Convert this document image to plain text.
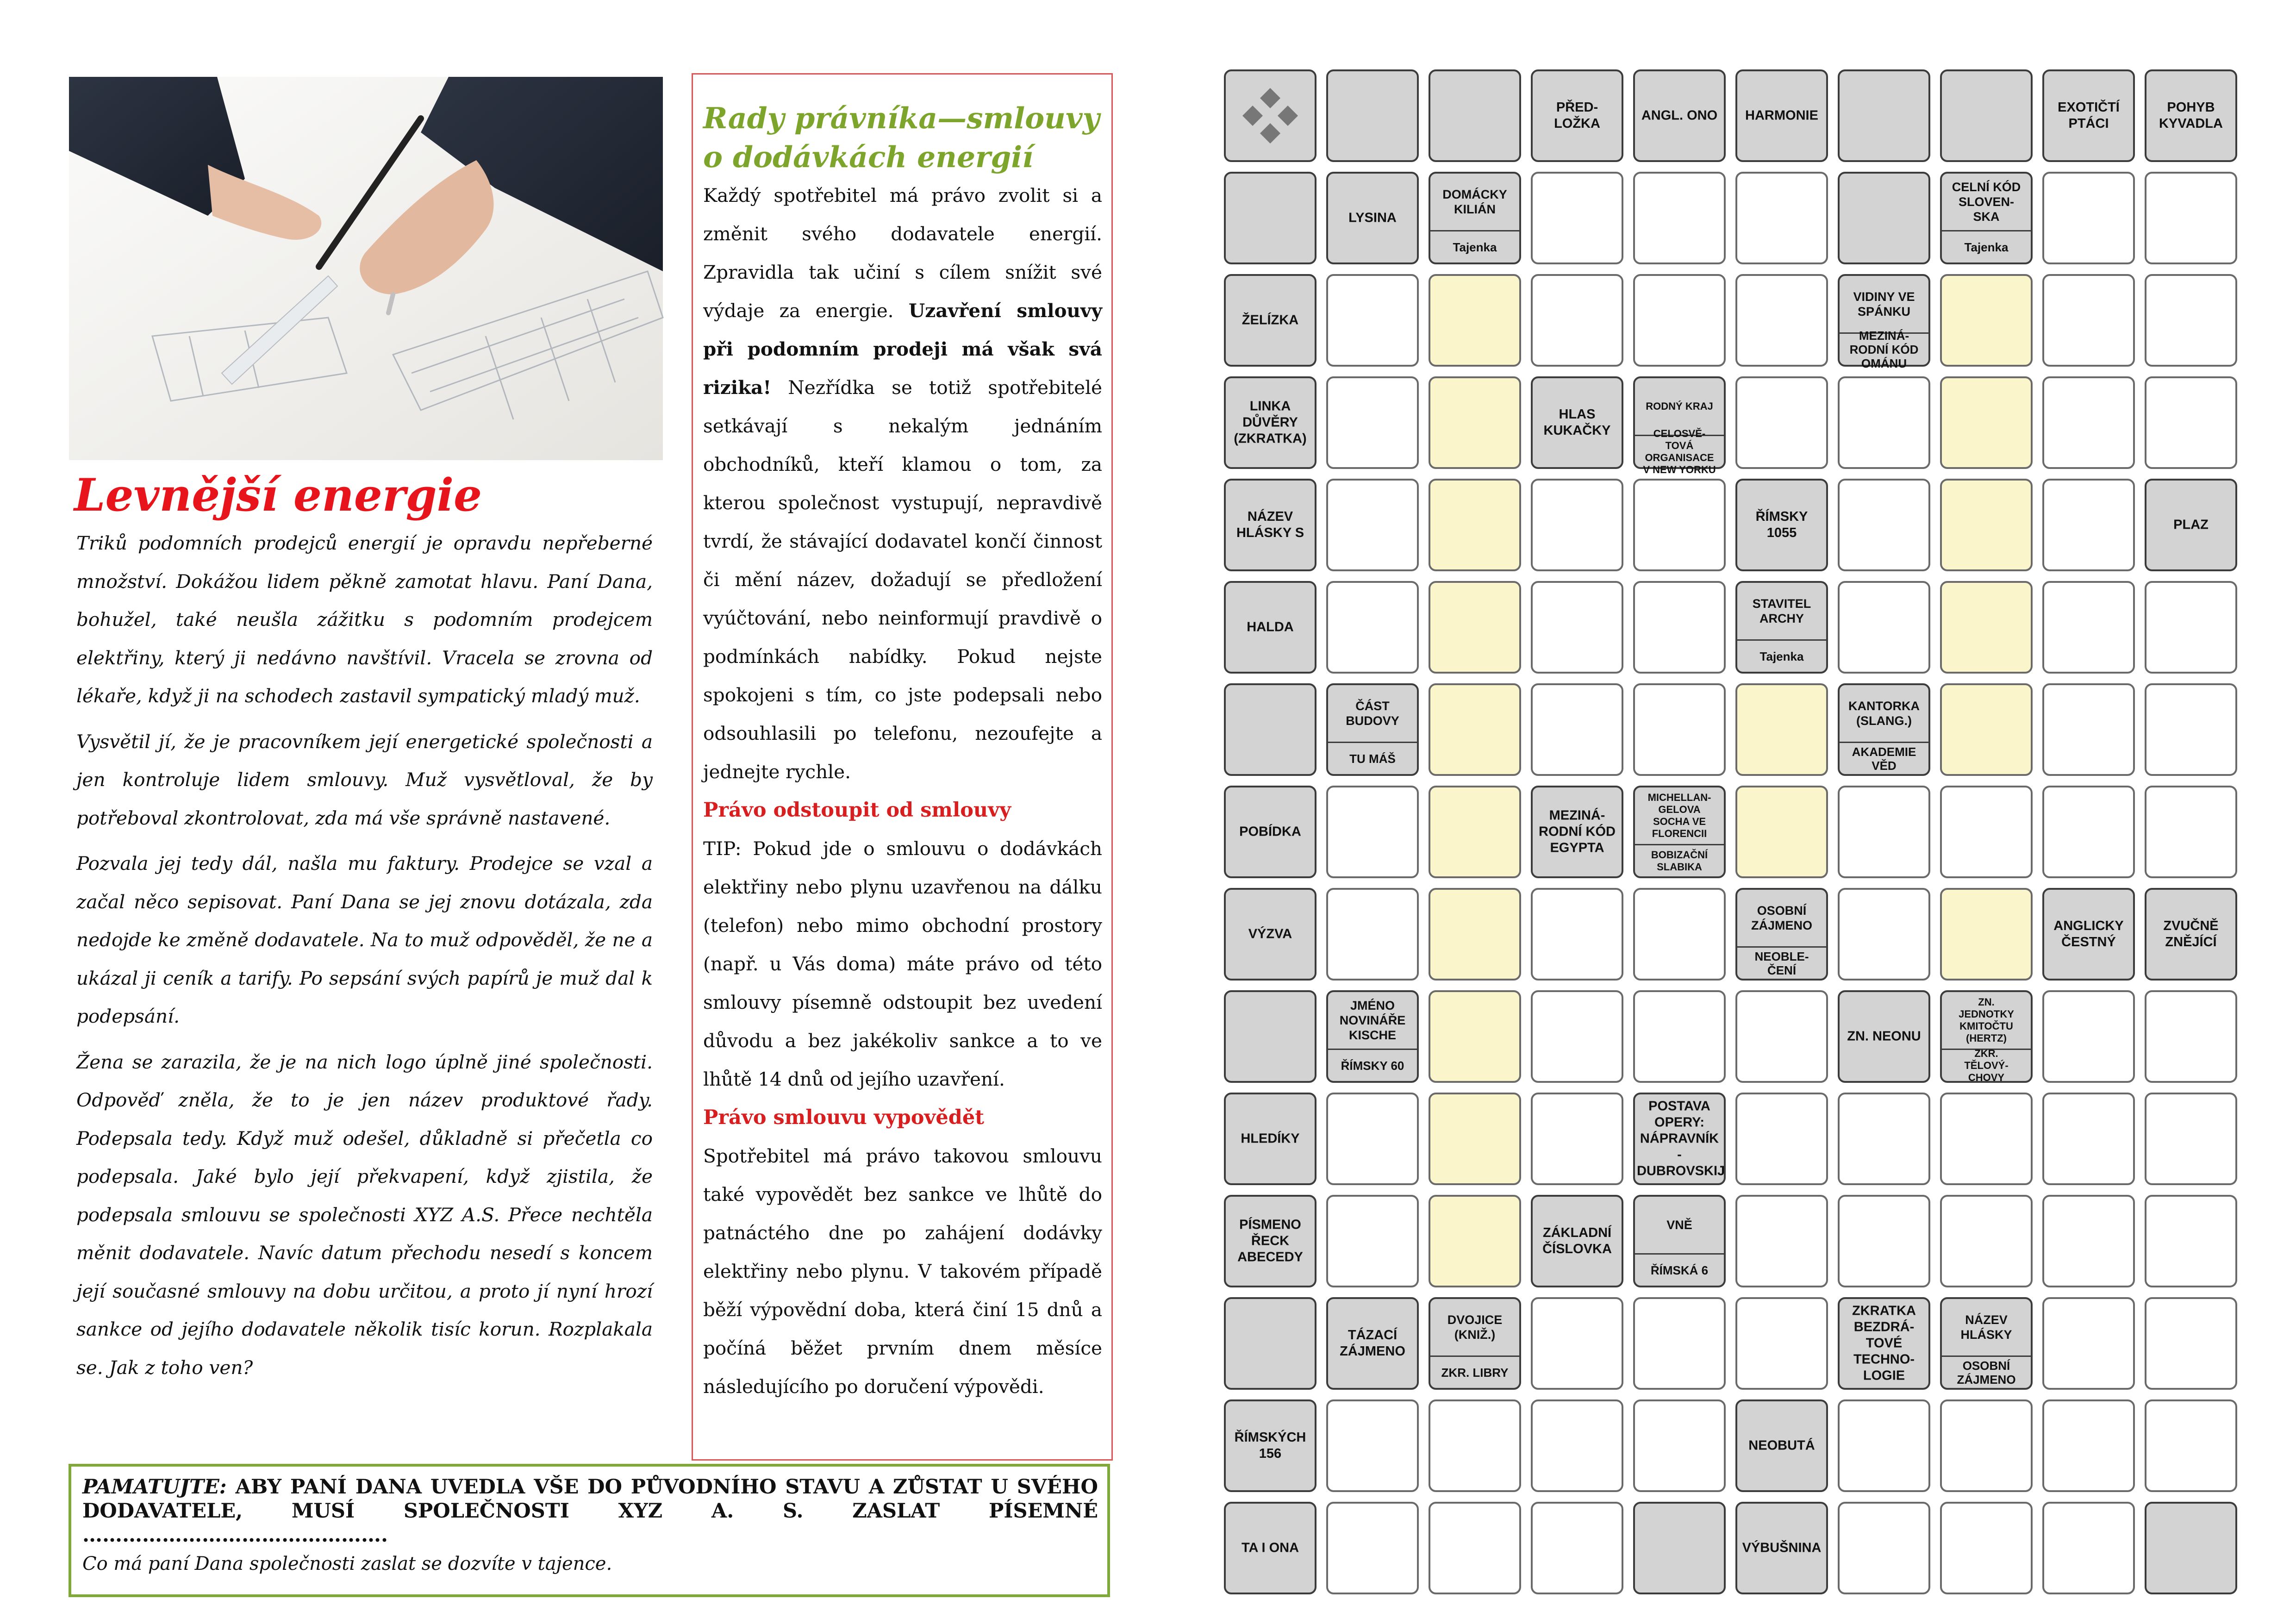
Levnější energie

Triků podomních prodejců energií je opravdu nepřeberné množství. Dokážou lidem pěkně zamotat hlavu. Paní Dana, bohužel, také neušla zážitku s podomním prodejcem elektřiny, který ji nedávno navštívil. Vracela se zrovna od lékaře, když ji na schodech zastavil sympatický mladý muž.

Vysvětil jí, že je pracovníkem její energetické společnosti a jen kontroluje lidem smlouvy. Muž vysvětloval, že by potřeboval zkontrolovat, zda má vše správně nastavené.

Pozvala jej tedy dál, našla mu faktury. Prodejce se vzal a začal něco sepisovat. Paní Dana se jej znovu dotázala, zda nedojde ke změně dodavatele. Na to muž odpověděl, že ne a ukázal ji ceník a tarify. Po sepsání svých papírů je muž dal k podepsání.

Žena se zarazila, že je na nich logo úplně jiné společnosti. Odpověď zněla, že to je jen název produktové řady. Podepsala tedy. Když muž odešel, důkladně si přečetla co podepsala. Jaké bylo její překvapení, když zjistila, že podepsala smlouvu se společnosti XYZ A.S. Přece nechtěla měnit dodavatele. Navíc datum přechodu nesedí s koncem její současné smlouvy na dobu určitou, a proto jí nyní hrozí sankce od jejího dodavatele několik tisíc korun. Rozplakala se. Jak z toho ven?

Rady právníka—smlouvy o dodávkách energií

Každý spotřebitel má právo zvolit si a změnit svého dodavatele energií. Zpravidla tak učiní s cílem snížit své výdaje za energie. Uzavření smlouvy při podomním prodeji má však svá rizika! Nezřídka se totiž spotřebitelé setkávají s nekalým jednáním obchodníků, kteří klamou o tom, za kterou společnost vystupují, nepravdivě tvrdí, že stávající dodavatel končí činnost či mění název, dožadují se předložení vyúčtování, nebo neinformují pravdivě o podmínkách nabídky. Pokud nejste spokojeni s tím, co jste podepsali nebo odsouhlasili po telefonu, nezoufejte a jednejte rychle.

Právo odstoupit od smlouvy

TIP: Pokud jde o smlouvu o dodávkách elektřiny nebo plynu uzavřenou na dálku (telefon) nebo mimo obchodní prostory (např. u Vás doma) máte právo od této smlouvy písemně odstoupit bez uvedení důvodu a bez jakékoliv sankce a to ve lhůtě 14 dnů od jejího uzavření.

Právo smlouvu vypovědět

Spotřebitel má právo takovou smlouvu také vypovědět bez sankce ve lhůtě do patnáctého dne po zahájení dodávky elektřiny nebo plynu. V takovém případě běží výpovědní doba, která činí 15 dnů a počíná běžet prvním dnem měsíce následujícího po doručení výpovědi.

PAMATUJTE: ABY PANÍ DANA UVEDLA VŠE DO PŮVODNÍHO STAVU A ZŮSTAT U SVÉHO DODAVATELE, MUSÍ SPOLEČNOSTI XYZ A. S. ZASLAT PÍSEMNÉ
……………………………………….
Co má paní Dana společnosti zaslat se dozvíte v tajence.
PŘED-
LOŽKA
ANGL. ONO	HARMONIE
EXOTIČTÍ
PTÁCI
POHYB
KYVADLA
LYSINA
DOMÁCKY
KILIÁN
Tajenka
CELNÍ KÓD
SLOVEN-
SKA
Tajenka
ŽELÍZKA
VIDINY VE
SPÁNKU
MEZINÁ-
RODNÍ KÓD
OMÁNU
LINKA
DŮVĚRY
(ZKRATKA)
HLAS
KUKAČKY
RODNÝ KRAJ
CELOSVĚ-
TOVÁ
ORGANISACE
V NEW YORKU
NÁZEV
HLÁSKY S
ŘÍMSKY
1055
PLAZ
HALDA
STAVITEL
ARCHY
Tajenka
ČÁST
BUDOVY
TU MÁŠ
KANTORKA
(SLANG.)
AKADEMIE
VĚD
POBÍDKA
MEZINÁ-
RODNÍ KÓD
EGYPTA
MICHELLAN-
GELOVA
SOCHA VE
FLORENCII
BOBIZAČNÍ
SLABIKA
VÝZVA
OSOBNÍ
ZÁJMENO
NEOBLE-
ČENÍ
ANGLICKY
ČESTNÝ
ZVUČNĚ
ZNĚJÍCÍ
JMÉNO
NOVINÁŘE
KISCHE
ŘÍMSKY 60
ZN. NEONU
ZN.
JEDNOTKY
KMITOČTU
(HERTZ)
ZKR.
TĚLOVÝ-
CHOVY
HLEDÍKY
POSTAVA
OPERY:
NÁPRAVNÍK -
DUBROVSKIJ
PÍSMENO
ŘECK
ABECEDY
ZÁKLADNÍ
ČÍSLOVKA
VNĚ
ŘÍMSKÁ 6
TÁZACÍ
ZÁJMENO
DVOJICE
(KNIŽ.)
ZKR. LIBRY
ZKRATKA
BEZDRÁ-
TOVÉ
TECHNO-
LOGIE
NÁZEV
HLÁSKY
OSOBNÍ
ZÁJMENO
ŘÍMSKÝCH
156
NEOBUTÁ
TA I ONA	VÝBUŠNINA
